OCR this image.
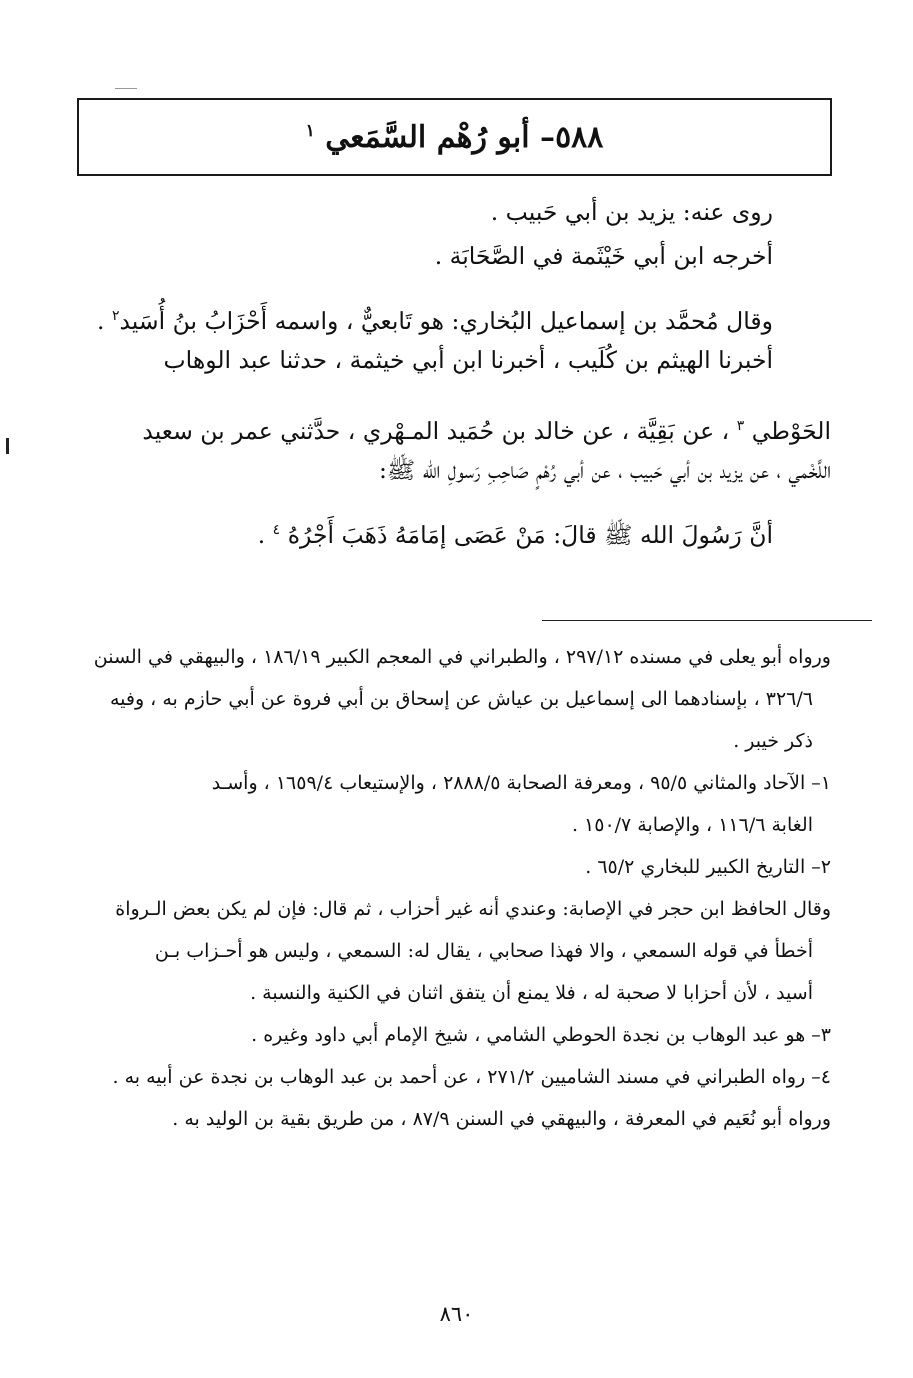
٥٨٨– أبو رُهْم السَّمَعي $^١$
روى عنه: يزيد بن أبي حَبيب .
أخرجه ابن أبي خَيْثَمة في الصَّحَابَة .
وقال مُحمَّد بن إسماعيل البُخاري: هو تَابعيٌّ ، واسمه أَحْزَابُ بنُ أُسَيد$^٢$ .
أخبرنا الهيثم بن كُلَيب ، أخبرنا ابن أبي خيثمة ، حدثنا عبد الوهاب
الحَوْطي $^٣$ ، عن بَقِيَّة ، عن خالد بن حُمَيد المـهْري ، حدَّثني عمر بن سعيد
اللَّخْمي ، عن يزيد بن أبي حَبيب ، عن أبي رُهْمٍ صَاحِبِ رَسولِ الله ﷺ:
أنَّ رَسُولَ الله ﷺ قالَ: مَنْ عَصَى إمَامَهُ ذَهَبَ أَجْرُهُ $^٤$ .
ورواه أبو يعلى في مسنده ٢٩٧/١٢ ، والطبراني في المعجم الكبير ١٨٦/١٩ ، والبيهقي في السنن
٣٢٦/٦ ، بإسنادهما الى إسماعيل بن عياش عن إسحاق بن أبي فروة عن أبي حازم به ، وفيه
ذكر خيبر .
١– الآحاد والمثاني ٩٥/٥ ، ومعرفة الصحابة ٢٨٨٨/٥ ، والإستيعاب ١٦٥٩/٤ ، وأسـد
الغابة ١١٦/٦ ، والإصابة ١٥٠/٧ .
٢– التاريخ الكبير للبخاري ٦٥/٢ .
وقال الحافظ ابن حجر في الإصابة: وعندي أنه غير أحزاب ، ثم قال: فإن لم يكن بعض الـرواة
أخطأ في قوله السمعي ، والا فهذا صحابي ، يقال له: السمعي ، وليس هو أحـزاب بـن
أسيد ، لأن أحزابا لا صحبة له ، فلا يمنع أن يتفق اثنان في الكنية والنسبة .
٣– هو عبد الوهاب بن نجدة الحوطي الشامي ، شيخ الإمام أبي داود وغيره .
٤– رواه الطبراني في مسند الشاميين ٢٧١/٢ ، عن أحمد بن عبد الوهاب بن نجدة عن أبيه به .
ورواه أبو نُعَيم في المعرفة ، والبيهقي في السنن ٨٧/٩ ، من طريق بقية بن الوليد به .
٨٦٠
